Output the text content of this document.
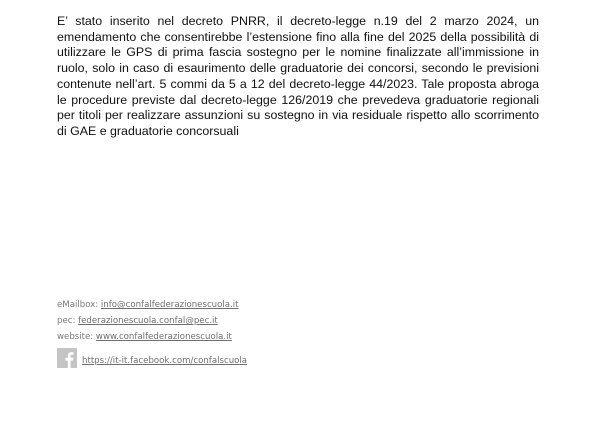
E’ stato inserito nel decreto PNRR, il decreto-legge n.19 del 2 marzo 2024, un emendamento che consentirebbe l’estensione fino alla fine del 2025 della possibilità di utilizzare le GPS di prima fascia sostegno per le nomine finalizzate all’immissione in ruolo, solo in caso di esaurimento delle graduatorie dei concorsi, secondo le previsioni contenute nell’art. 5 commi da 5 a 12 del decreto-legge 44/2023. Tale proposta abroga le procedure previste dal decreto-legge 126/2019 che prevedeva graduatorie regionali per titoli per realizzare assunzioni su sostegno in via residuale rispetto allo scorrimento di GAE e graduatorie concorsuali

eMailbox: info@confalfederazionescuola.it
pec: federazionescuola.confal@pec.it
website: www.confalfederazionescuola.it
https://it-it.facebook.com/confalscuola
